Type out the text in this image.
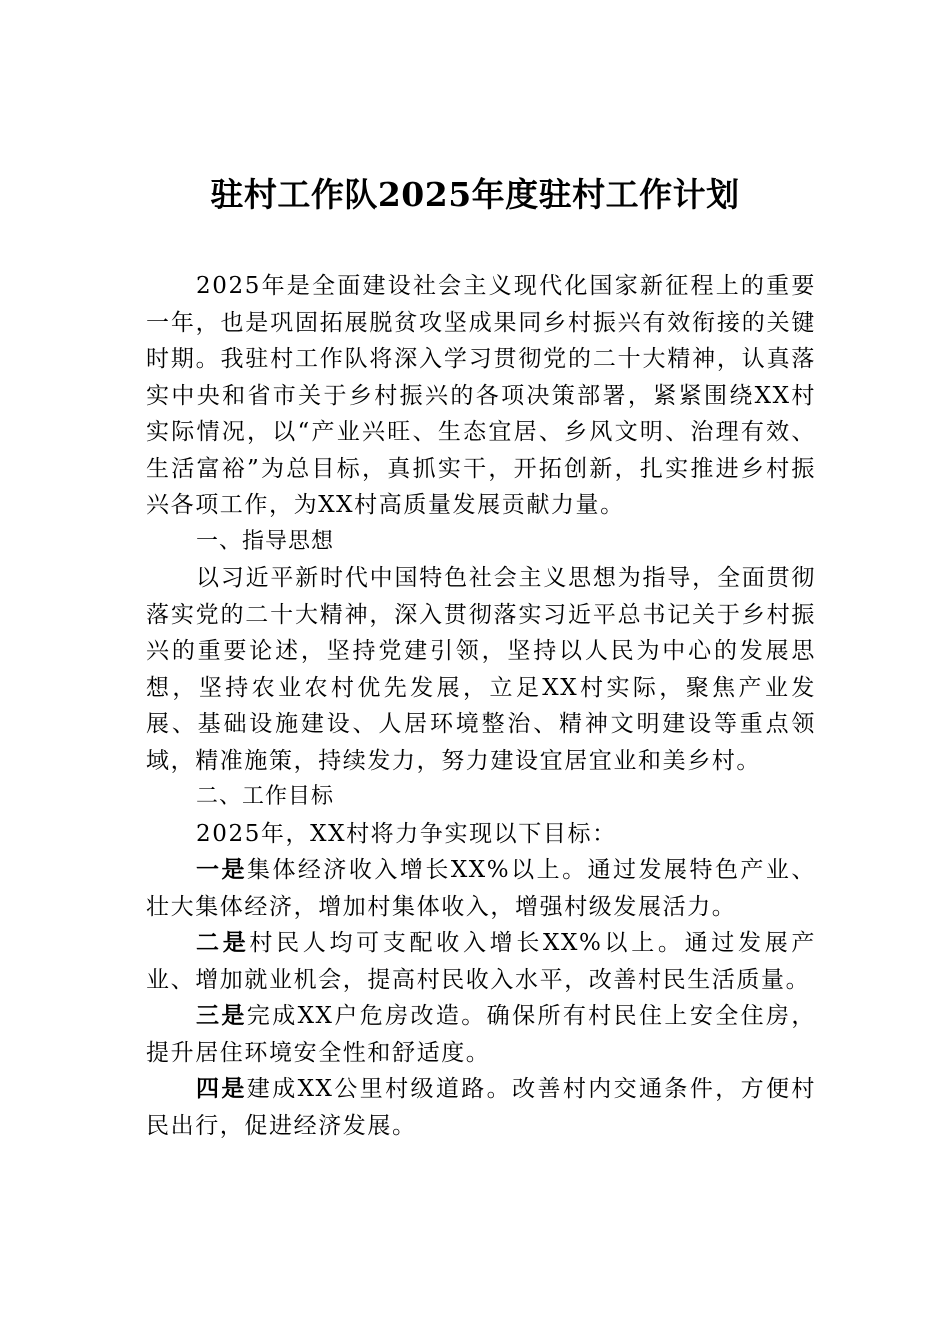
驻村工作队2025年度驻村工作计划

2025年是全面建设社会主义现代化国家新征程上的重要一年，也是巩固拓展脱贫攻坚成果同乡村振兴有效衔接的关键时期。我驻村工作队将深入学习贯彻党的二十大精神，认真落实中央和省市关于乡村振兴的各项决策部署，紧紧围绕XX村实际情况，以“产业兴旺、生态宜居、乡风文明、治理有效、生活富裕”为总目标，真抓实干，开拓创新，扎实推进乡村振兴各项工作，为XX村高质量发展贡献力量。

一、指导思想

以习近平新时代中国特色社会主义思想为指导，全面贯彻落实党的二十大精神，深入贯彻落实习近平总书记关于乡村振兴的重要论述，坚持党建引领，坚持以人民为中心的发展思想，坚持农业农村优先发展，立足XX村实际，聚焦产业发展、基础设施建设、人居环境整治、精神文明建设等重点领域，精准施策，持续发力，努力建设宜居宜业和美乡村。

二、工作目标

2025年，XX村将力争实现以下目标：

一是集体经济收入增长XX%以上。通过发展特色产业、壮大集体经济，增加村集体收入，增强村级发展活力。

二是村民人均可支配收入增长XX%以上。通过发展产业、增加就业机会，提高村民收入水平，改善村民生活质量。

三是完成XX户危房改造。确保所有村民住上安全住房，提升居住环境安全性和舒适度。

四是建成XX公里村级道路。改善村内交通条件，方便村民出行，促进经济发展。
